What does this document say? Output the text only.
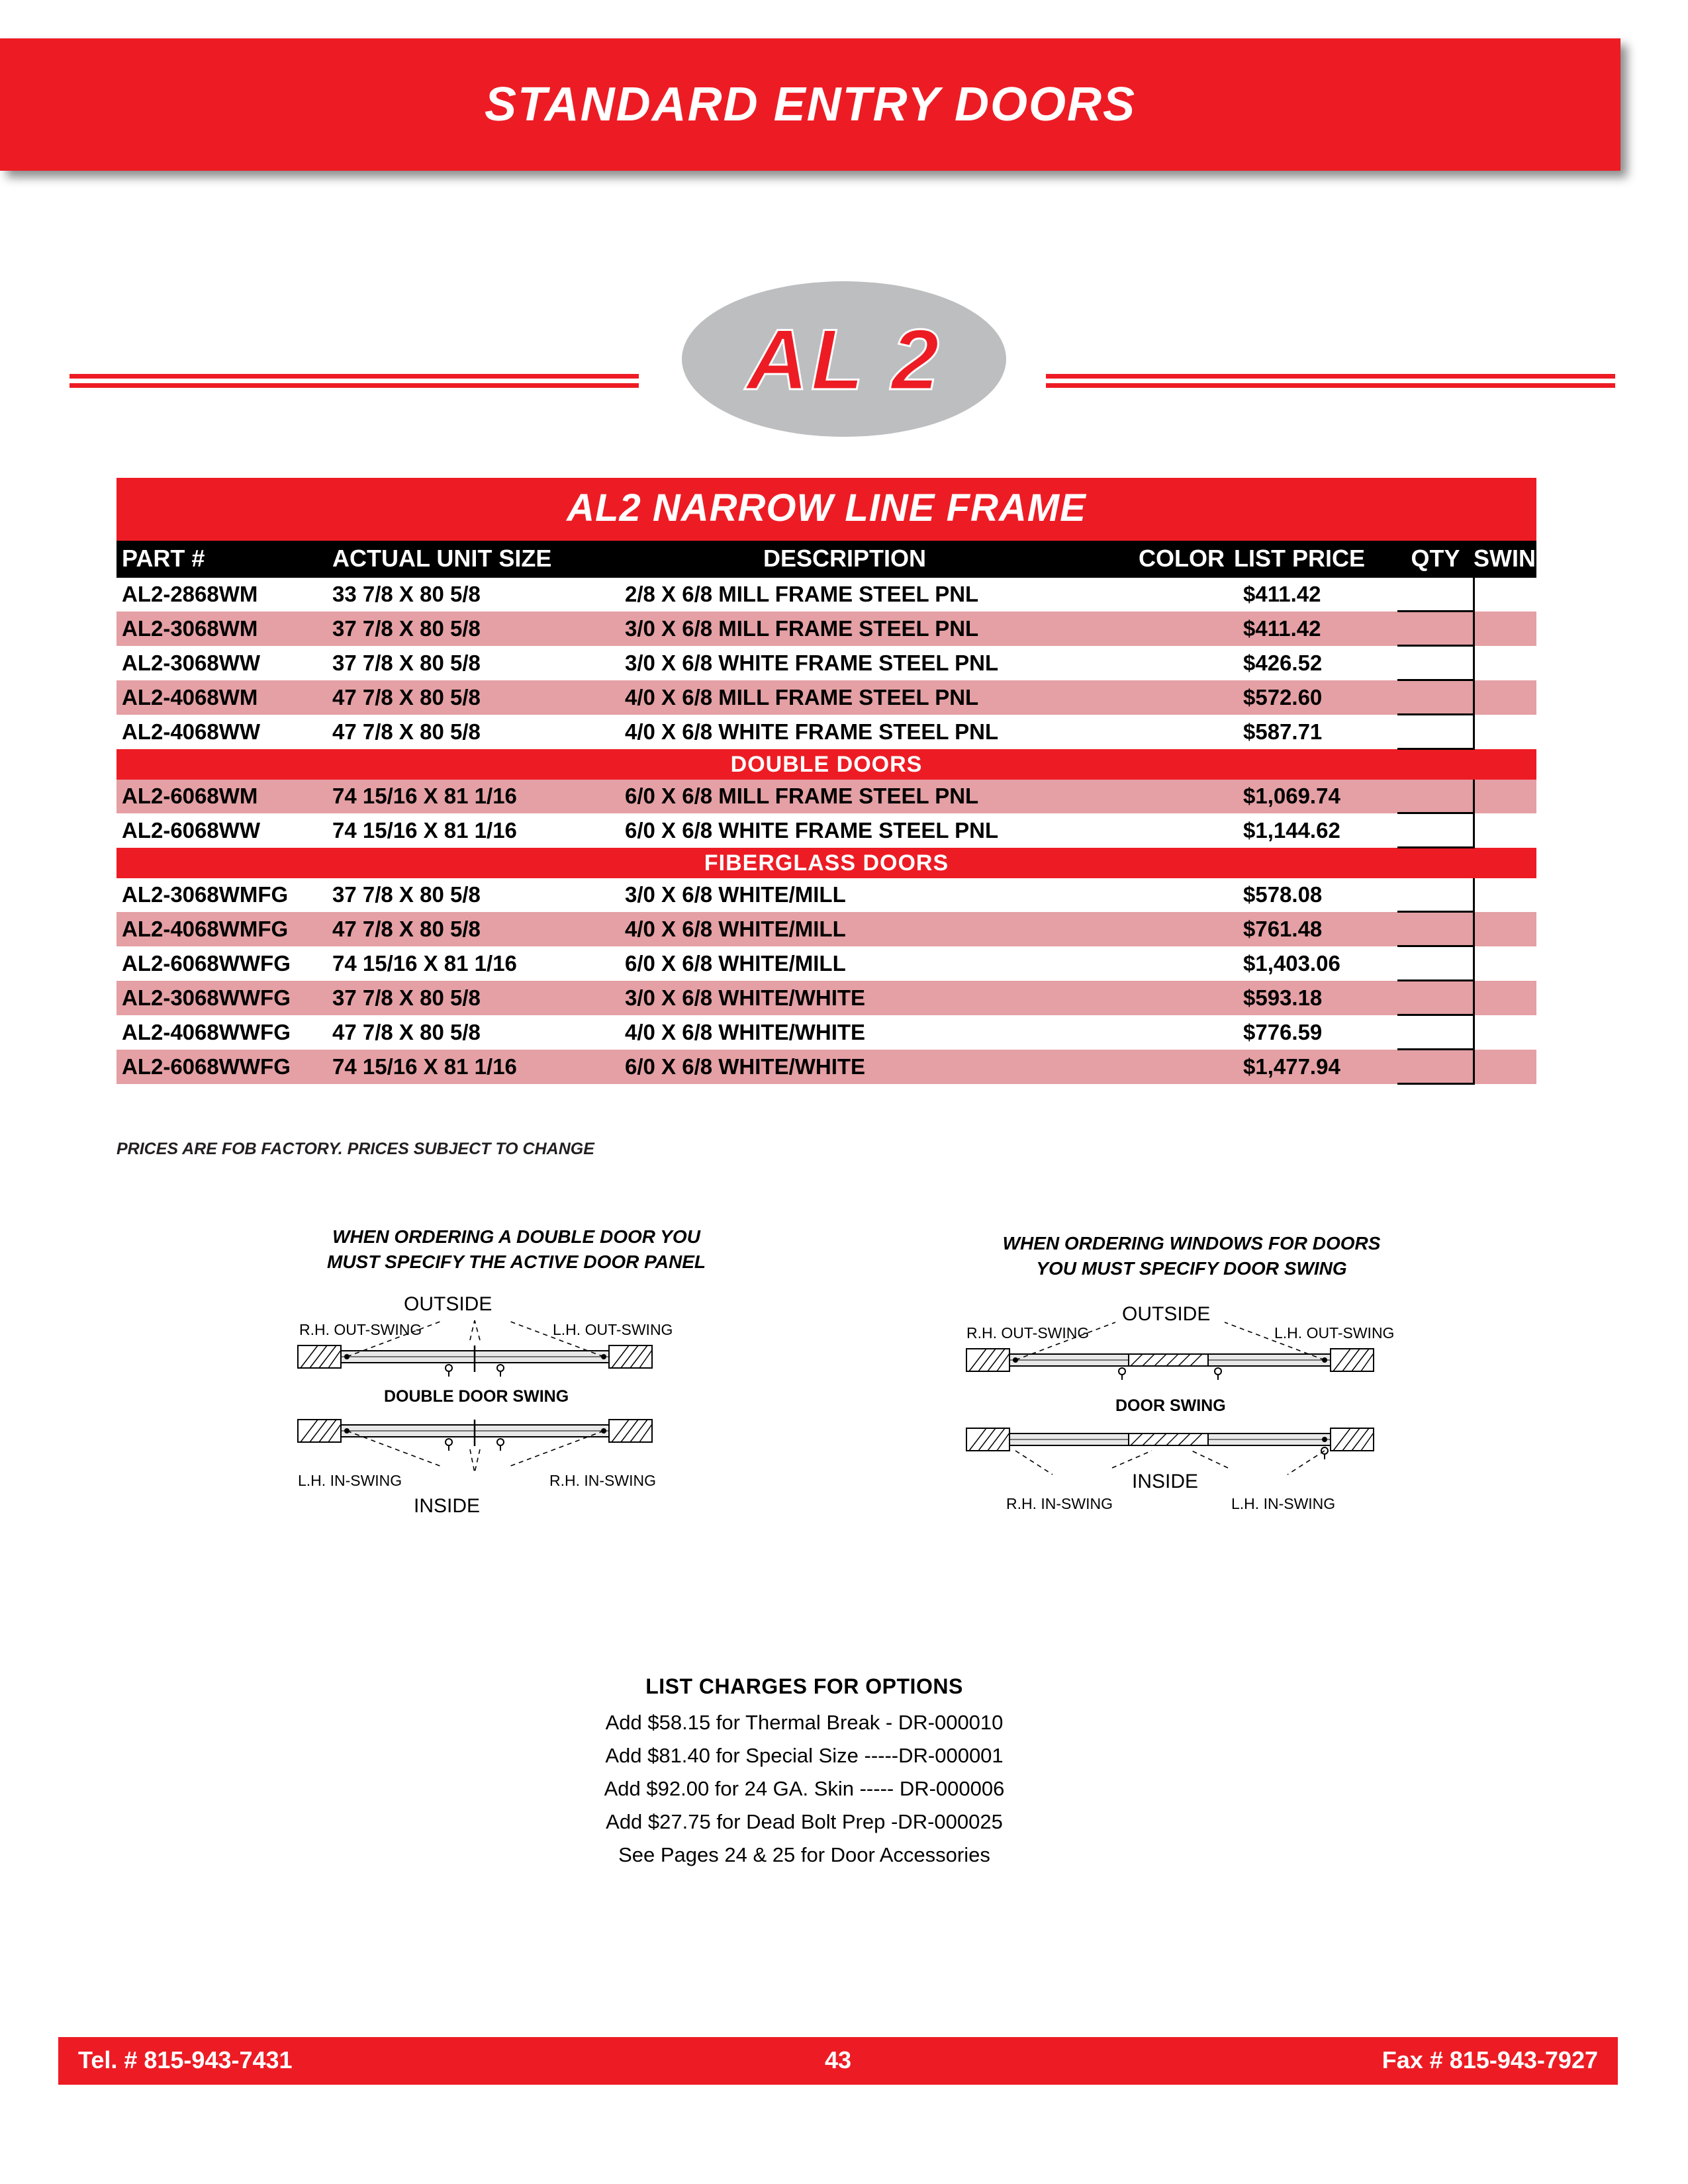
STANDARD ENTRY DOORS
AL 2
AL2 NARROW LINE FRAME
PART #	ACTUAL UNIT SIZE	DESCRIPTION	COLOR	LIST PRICE	QTY	SWING
AL2-2868WM	33 7/8 X 80 5/8	2/8 X 6/8 MILL FRAME STEEL PNL		$411.42		
AL2-3068WM	37 7/8 X 80 5/8	3/0 X 6/8 MILL FRAME STEEL PNL		$411.42		
AL2-3068WW	37 7/8 X 80 5/8	3/0 X 6/8 WHITE FRAME STEEL PNL		$426.52		
AL2-4068WM	47 7/8 X 80 5/8	4/0 X 6/8 MILL FRAME STEEL PNL		$572.60		
AL2-4068WW	47 7/8 X 80 5/8	4/0 X 6/8 WHITE FRAME STEEL PNL		$587.71		
DOUBLE DOORS						
AL2-6068WM	74 15/16 X 81 1/16	6/0 X 6/8 MILL FRAME STEEL PNL		$1,069.74		
AL2-6068WW	74 15/16 X 81 1/16	6/0 X 6/8 WHITE FRAME STEEL PNL		$1,144.62		
FIBERGLASS DOORS						
AL2-3068WMFG	37 7/8 X 80 5/8	3/0 X 6/8 WHITE/MILL		$578.08		
AL2-4068WMFG	47 7/8 X 80 5/8	4/0 X 6/8 WHITE/MILL		$761.48		
AL2-6068WWFG	74 15/16 X 81 1/16	6/0 X 6/8 WHITE/MILL		$1,403.06		
AL2-3068WWFG	37 7/8 X 80 5/8	3/0 X 6/8 WHITE/WHITE		$593.18		
AL2-4068WWFG	47 7/8 X 80 5/8	4/0 X 6/8 WHITE/WHITE		$776.59		
AL2-6068WWFG	74 15/16 X 81 1/16	6/0 X 6/8 WHITE/WHITE		$1,477.94		
PRICES ARE FOB FACTORY. PRICES SUBJECT TO CHANGE
WHEN ORDERING A DOUBLE DOOR YOU
MUST SPECIFY THE ACTIVE DOOR PANEL
WHEN ORDERING WINDOWS FOR DOORS
YOU MUST SPECIFY DOOR SWING
OUTSIDE
R.H. OUT-SWING	L.H. OUT-SWING
DOUBLE DOOR SWING
L.H. IN-SWING	R.H. IN-SWING
INSIDE
OUTSIDE
R.H. OUT-SWING	L.H. OUT-SWING
DOOR SWING
INSIDE
R.H. IN-SWING	L.H. IN-SWING
LIST CHARGES FOR OPTIONS

Add $58.15 for Thermal Break - DR-000010

Add $81.40 for Special Size -----DR-000001

Add $92.00 for 24 GA. Skin ----- DR-000006

Add $27.75 for Dead Bolt Prep -DR-000025

See Pages 24 & 25 for Door Accessories

Tel. # 815-943-7431	43	Fax # 815-943-7927
